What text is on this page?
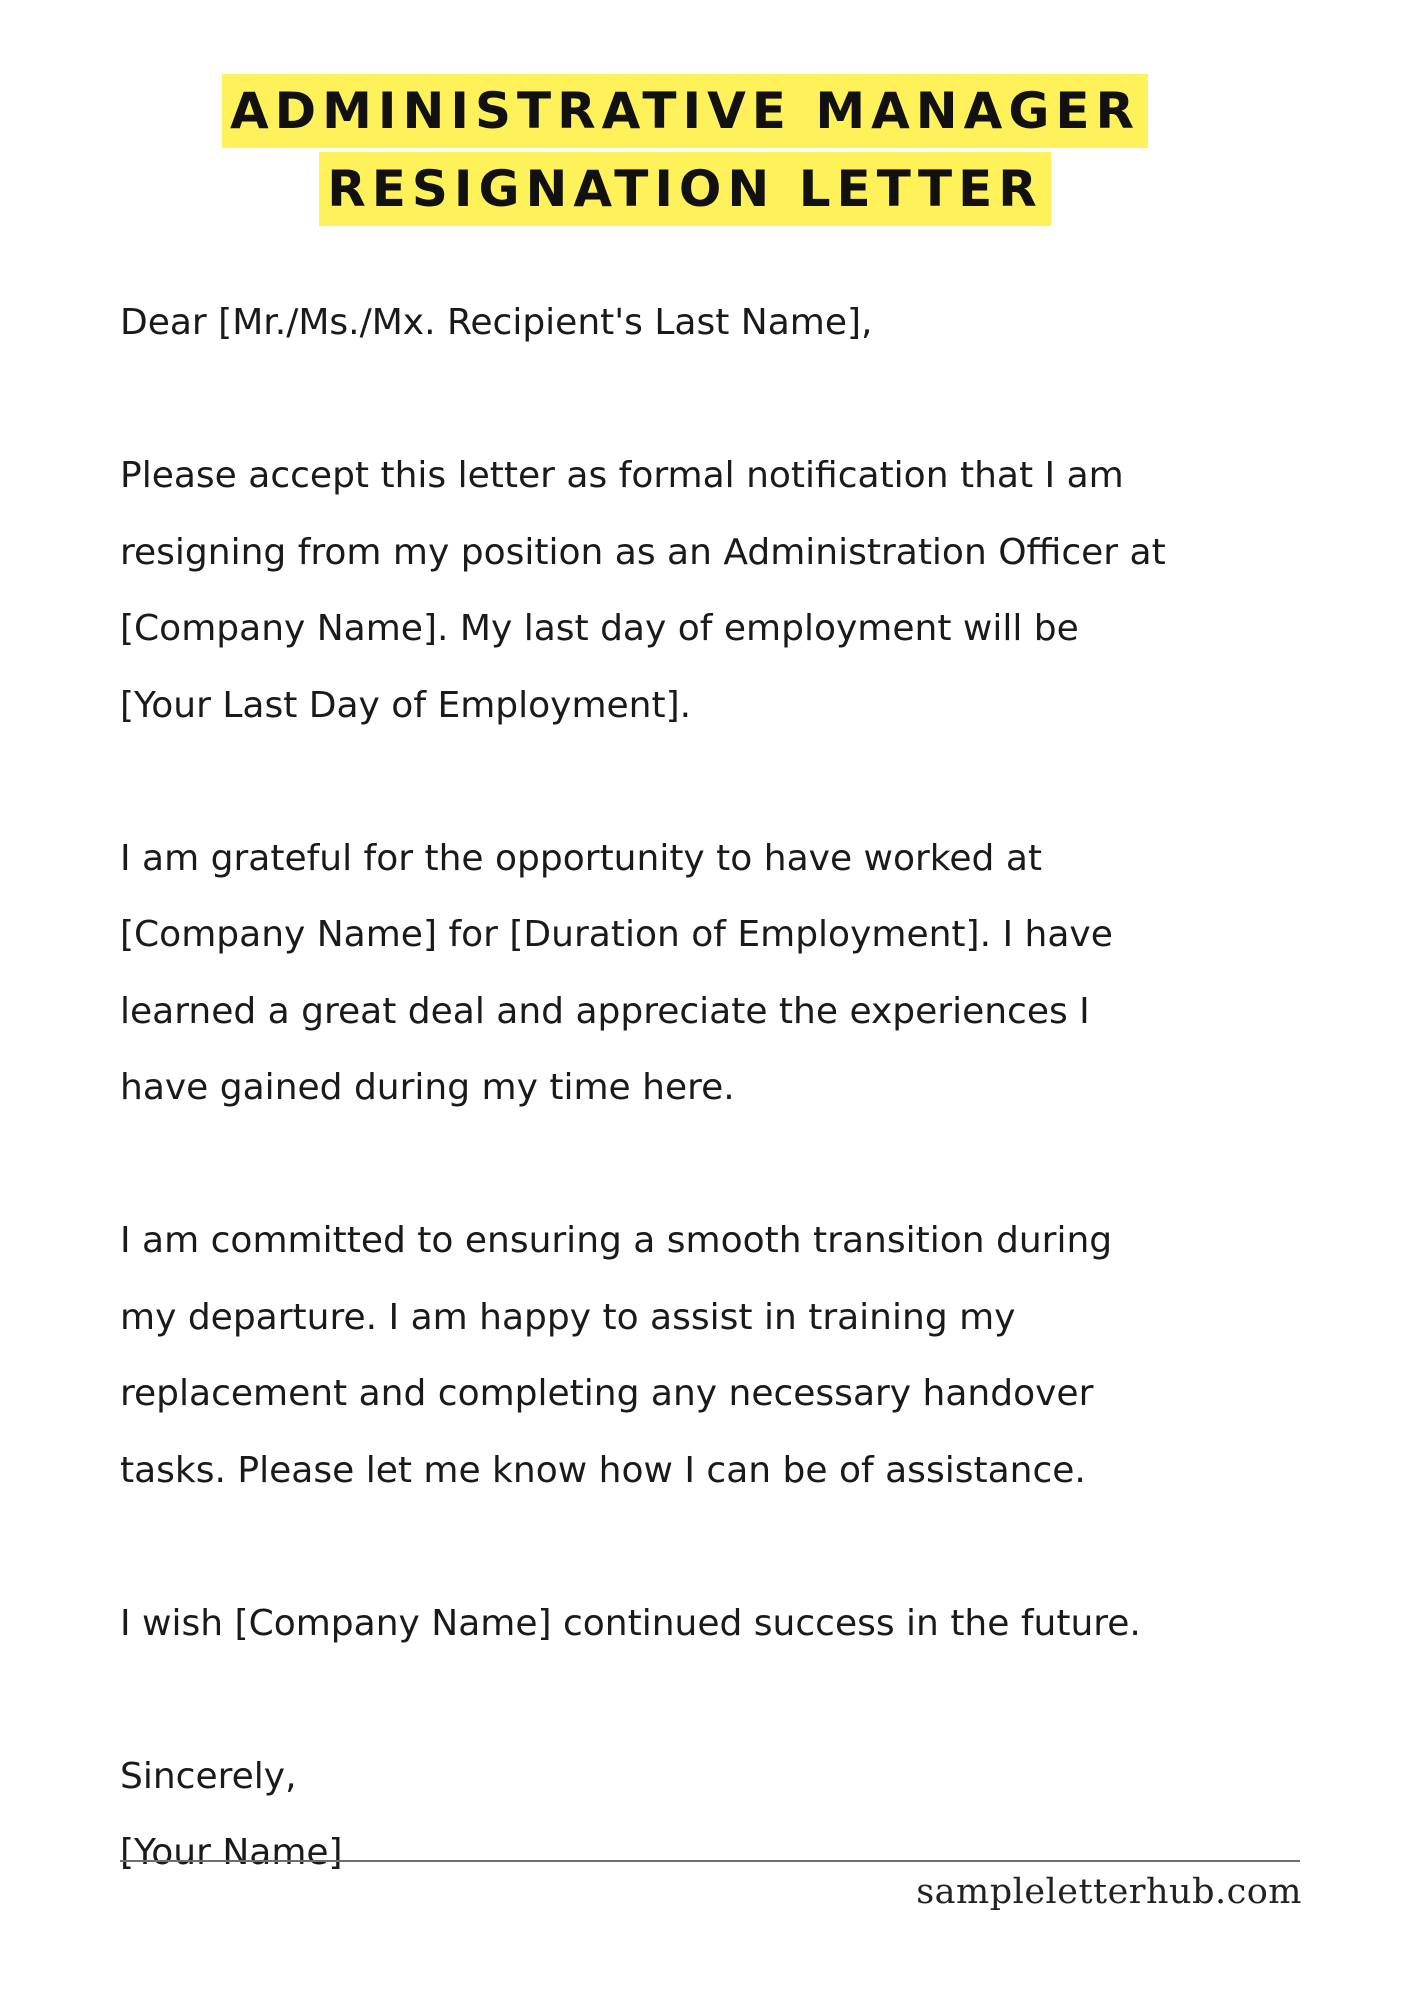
ADMINISTRATIVE MANAGER
RESIGNATION LETTER

Dear [Mr./Ms./Mx. Recipient's Last Name],

Please accept this letter as formal notification that I am
resigning from my position as an Administration Officer at
[Company Name]. My last day of employment will be
[Your Last Day of Employment].

I am grateful for the opportunity to have worked at
[Company Name] for [Duration of Employment]. I have
learned a great deal and appreciate the experiences I
have gained during my time here.

I am committed to ensuring a smooth transition during
my departure. I am happy to assist in training my
replacement and completing any necessary handover
tasks. Please let me know how I can be of assistance.

I wish [Company Name] continued success in the future.

Sincerely,

[Your Name]

sampleletterhub.com
